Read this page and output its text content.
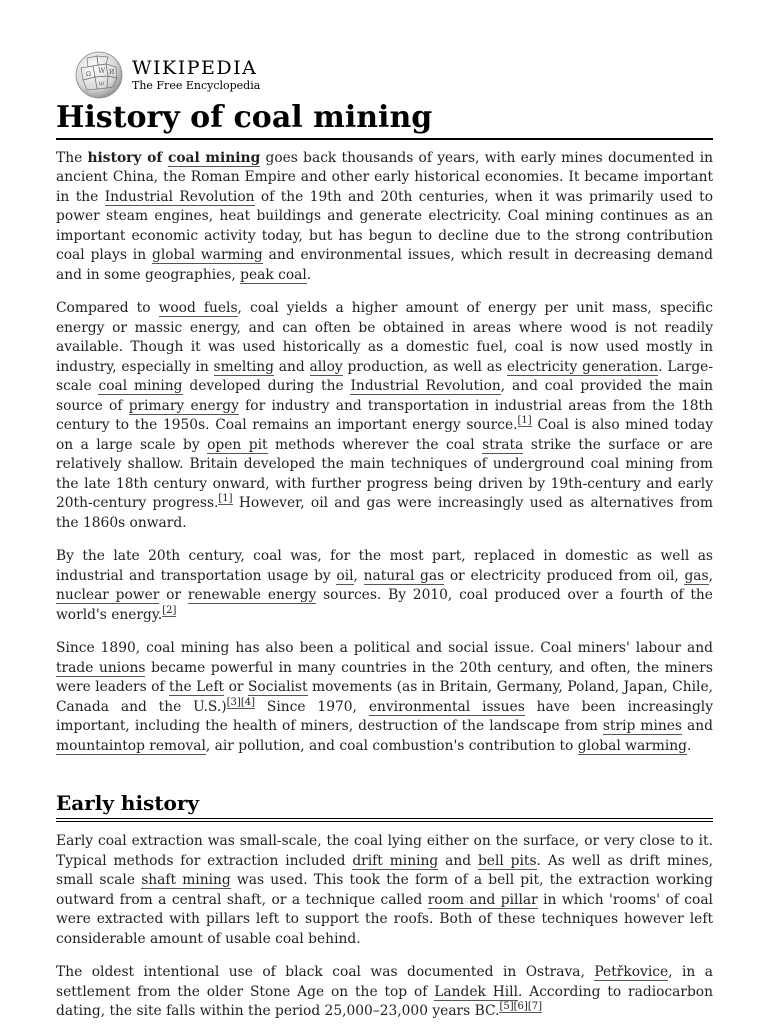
Ω W И
ω
WIKIPEDIA
The Free Encyclopedia
History of coal mining

The history of coal mining goes back thousands of years, with early mines documented in ancient China, the Roman Empire and other early historical economies. It became important in the Industrial Revolution of the 19th and 20th centuries, when it was primarily used to power steam engines, heat buildings and generate electricity. Coal mining continues as an important economic activity today, but has begun to decline due to the strong contribution coal plays in global warming and environmental issues, which result in decreasing demand and in some geographies, peak coal.

Compared to wood fuels, coal yields a higher amount of energy per unit mass, specific energy or massic energy, and can often be obtained in areas where wood is not readily available. Though it was used historically as a domestic fuel, coal is now used mostly in industry, especially in smelting and alloy production, as well as electricity generation. Large-scale coal mining developed during the Industrial Revolution, and coal provided the main source of primary energy for industry and transportation in industrial areas from the 18th century to the 1950s. Coal remains an important energy source.[1] Coal is also mined today on a large scale by open pit methods wherever the coal strata strike the surface or are relatively shallow. Britain developed the main techniques of underground coal mining from the late 18th century onward, with further progress being driven by 19th-century and early 20th-century progress.[1] However, oil and gas were increasingly used as alternatives from the 1860s onward.

By the late 20th century, coal was, for the most part, replaced in domestic as well as industrial and transportation usage by oil, natural gas or electricity produced from oil, gas, nuclear power or renewable energy sources. By 2010, coal produced over a fourth of the world's energy.[2]

Since 1890, coal mining has also been a political and social issue. Coal miners' labour and trade unions became powerful in many countries in the 20th century, and often, the miners were leaders of the Left or Socialist movements (as in Britain, Germany, Poland, Japan, Chile, Canada and the U.S.)[3][4] Since 1970, environmental issues have been increasingly important, including the health of miners, destruction of the landscape from strip mines and mountaintop removal, air pollution, and coal combustion's contribution to global warming.

Early history

Early coal extraction was small-scale, the coal lying either on the surface, or very close to it. Typical methods for extraction included drift mining and bell pits. As well as drift mines, small scale shaft mining was used. This took the form of a bell pit, the extraction working outward from a central shaft, or a technique called room and pillar in which 'rooms' of coal were extracted with pillars left to support the roofs. Both of these techniques however left considerable amount of usable coal behind.

The oldest intentional use of black coal was documented in Ostrava, Petřkovice, in a settlement from the older Stone Age on the top of Landek Hill. According to radiocarbon dating, the site falls within the period 25,000–23,000 years BC.[5][6][7]
